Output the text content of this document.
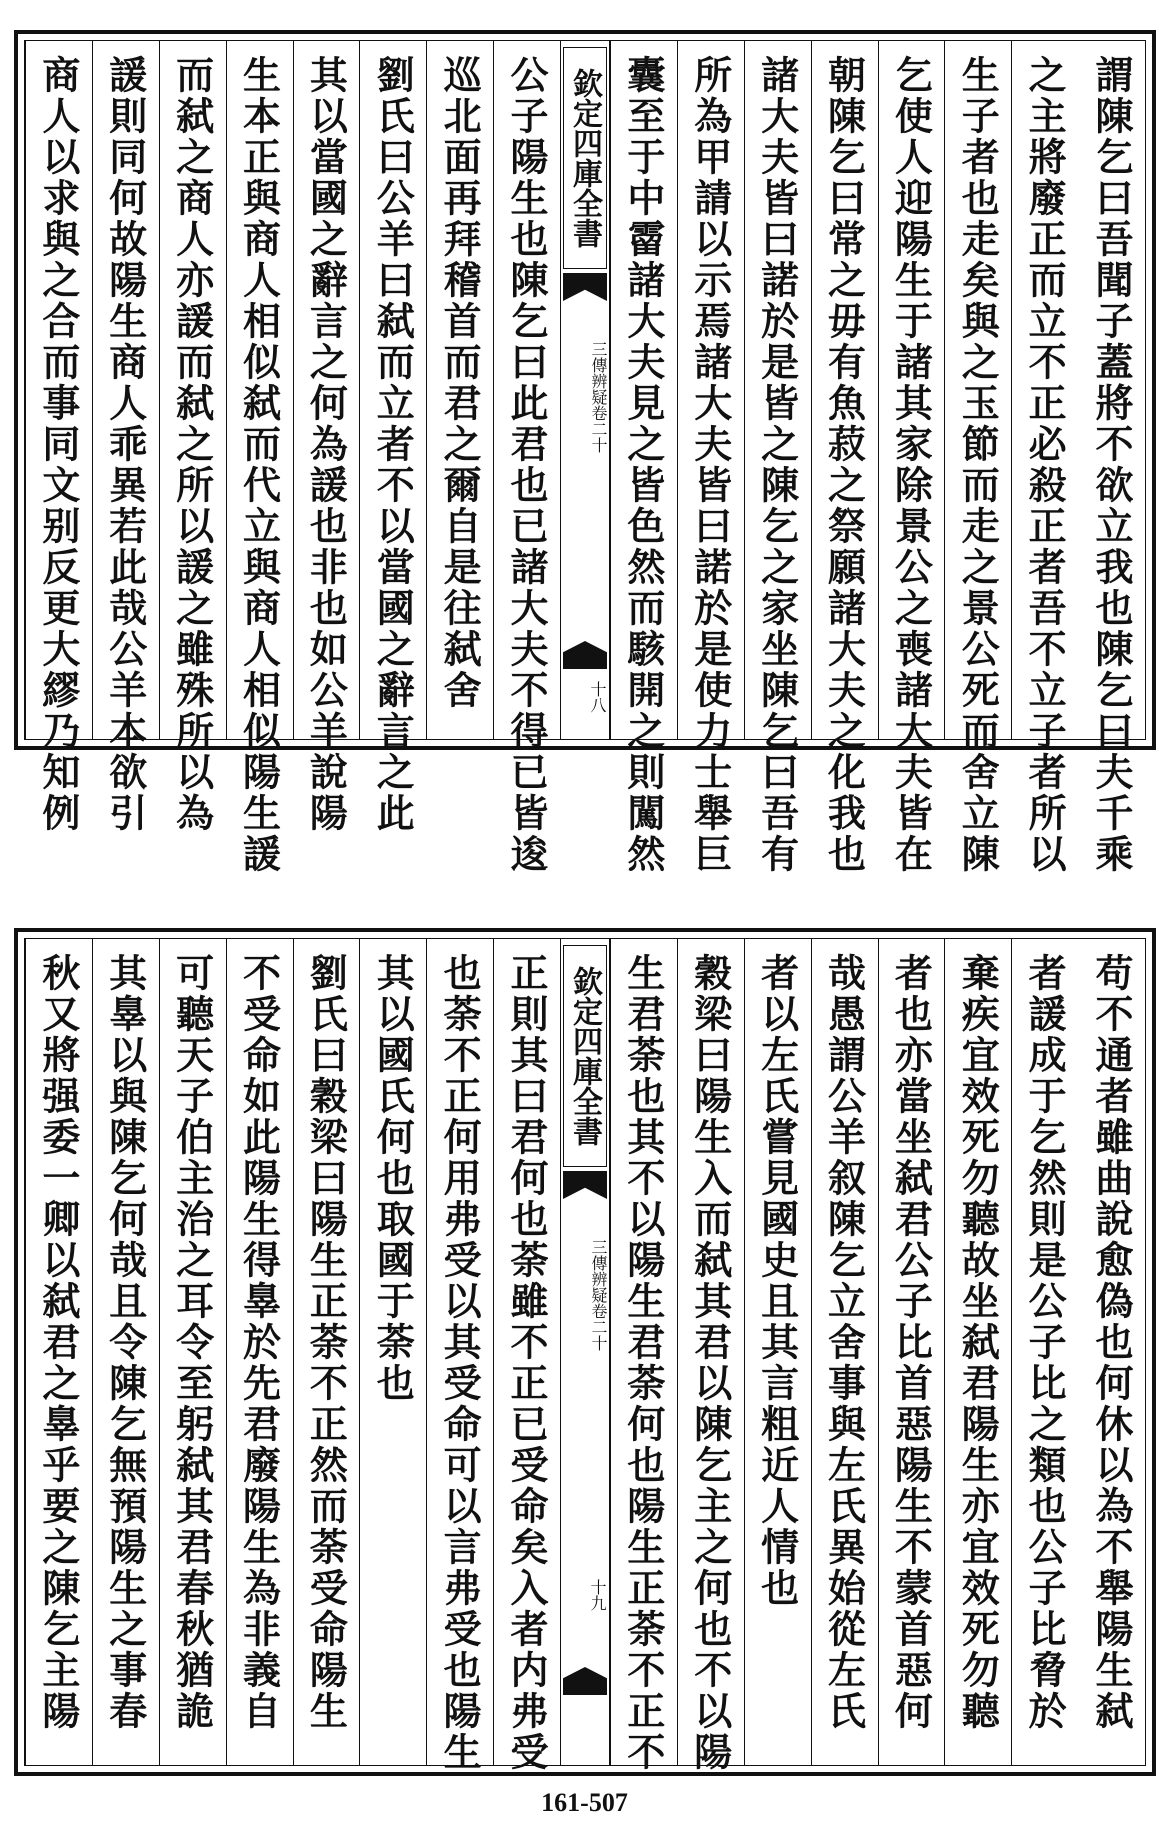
謂陳乞曰吾聞子蓋將不欲立我也陳乞曰夫千乘
之主將廢正而立不正必殺正者吾不立子者所以
生子者也走矣與之玉節而走之景公死而舍立陳
乞使人迎陽生于諸其家除景公之喪諸大夫皆在
朝陳乞曰常之毋有魚菽之祭願諸大夫之化我也
諸大夫皆曰諾於是皆之陳乞之家坐陳乞曰吾有
所為甲請以示焉諸大夫皆曰諾於是使力士舉巨
囊至于中霤諸大夫見之皆色然而駭開之則闖然
公子陽生也陳乞曰此君也已諸大夫不得已皆逡
巡北面再拜稽首而君之爾自是往弑舍
劉氏曰公羊曰弑而立者不以當國之辭言之此
其以當國之辭言之何為諼也非也如公羊說陽
生本正與商人相似弑而代立與商人相似陽生諼
而弑之商人亦諼而弑之所以諼之雖殊所以為
諼則同何故陽生商人乖異若此哉公羊本欲引
商人以求與之合而事同文别反更大繆乃知例	欽定四庫全書
三傳辨疑卷二十
十八
苟不通者雖曲說愈偽也何休以為不舉陽生弑
者諼成于乞然則是公子比之類也公子比脅於
棄疾宜效死勿聽故坐弑君陽生亦宜效死勿聽
者也亦當坐弑君公子比首惡陽生不蒙首惡何
哉愚謂公羊叙陳乞立舍事與左氏異始從左氏
者以左氏嘗見國史且其言粗近人情也
穀梁曰陽生入而弑其君以陳乞主之何也不以陽
生君荼也其不以陽生君荼何也陽生正荼不正不
正則其曰君何也荼雖不正已受命矣入者内弗受
也荼不正何用弗受以其受命可以言弗受也陽生
其以國氏何也取國于荼也
劉氏曰穀梁曰陽生正荼不正然而荼受命陽生
不受命如此陽生得辠於先君廢陽生為非義自
可聽天子伯主治之耳令至躬弑其君春秋猶詭
其辠以與陳乞何哉且令陳乞無預陽生之事春
秋又將强委一卿以弑君之辠乎要之陳乞主陽	欽定四庫全書
三傳辨疑卷二十
十九
161-507
